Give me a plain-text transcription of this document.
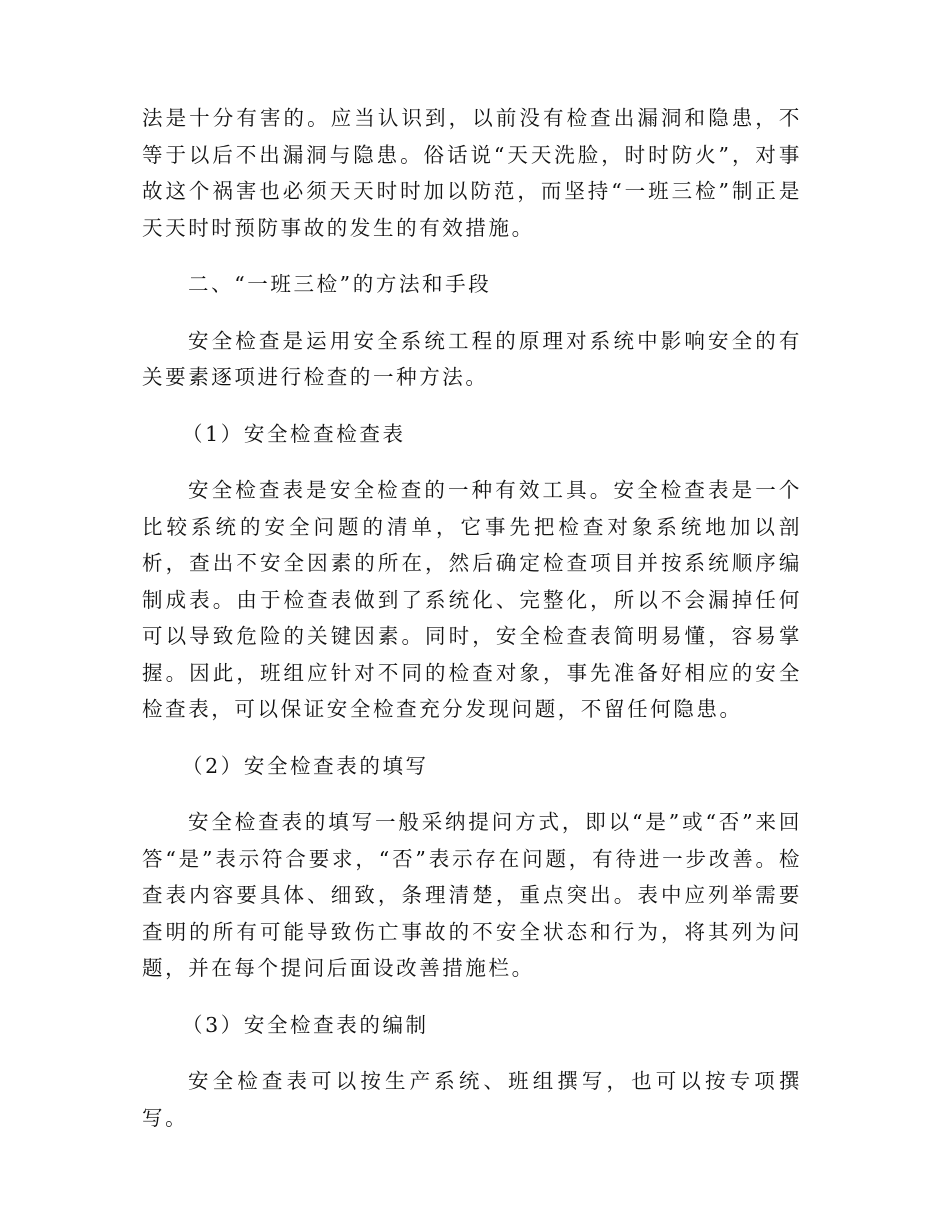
法是十分有害的。应当认识到，以前没有检查出漏洞和隐患，不等于以后不出漏洞与隐患。俗话说“天天洗脸，时时防火”，对事故这个祸害也必须天天时时加以防范，而坚持“一班三检”制正是天天时时预防事故的发生的有效措施。

二、“一班三检”的方法和手段

安全检查是运用安全系统工程的原理对系统中影响安全的有关要素逐项进行检查的一种方法。

（1）安全检查检查表

安全检查表是安全检查的一种有效工具。安全检查表是一个比较系统的安全问题的清单，它事先把检查对象系统地加以剖析，查出不安全因素的所在，然后确定检查项目并按系统顺序编制成表。由于检查表做到了系统化、完整化，所以不会漏掉任何可以导致危险的关键因素。同时，安全检查表简明易懂，容易掌握。因此，班组应针对不同的检查对象，事先准备好相应的安全检查表，可以保证安全检查充分发现问题，不留任何隐患。

（2）安全检查表的填写

安全检查表的填写一般采纳提问方式，即以“是”或“否”来回答“是”表示符合要求，“否”表示存在问题，有待进一步改善。检查表内容要具体、细致，条理清楚，重点突出。表中应列举需要查明的所有可能导致伤亡事故的不安全状态和行为，将其列为问题，并在每个提问后面设改善措施栏。

（3）安全检查表的编制

安全检查表可以按生产系统、班组撰写，也可以按专项撰写。
